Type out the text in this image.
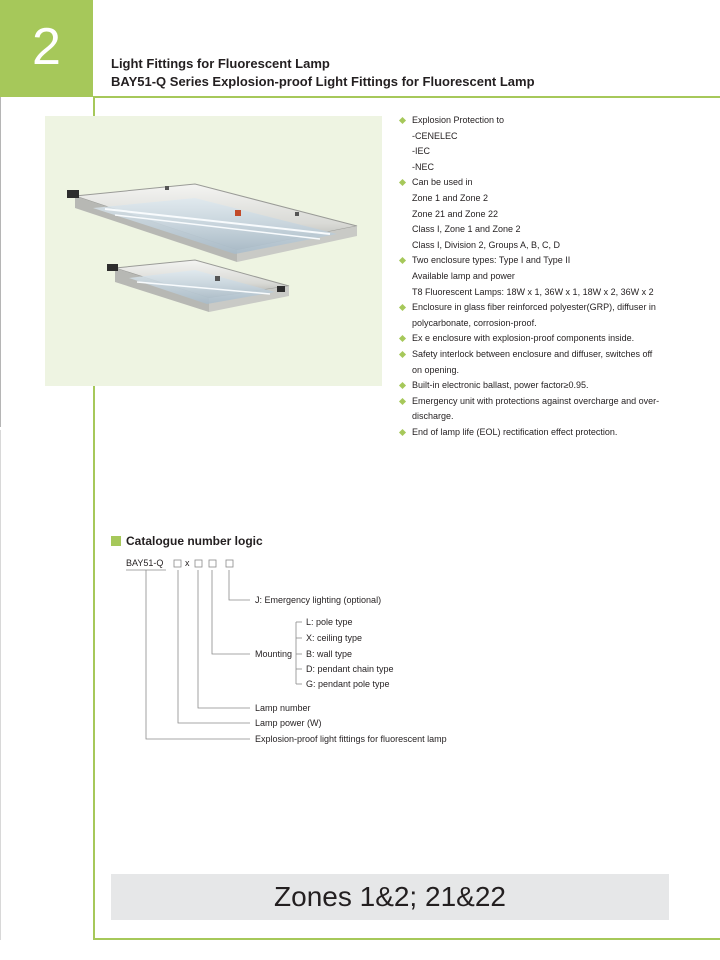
2	Light Fittings for Fluorescent Lamp
BAY51-Q Series Explosion-proof Light Fittings for Fluorescent Lamp
Explosion Protection to
-CENELEC
-IEC
-NEC
Can be used in
Zone 1 and Zone 2
Zone 21 and Zone 22
Class I, Zone 1 and Zone 2
Class I, Division 2, Groups A, B, C, D
Two enclosure types: Type I and Type II
Available lamp and power
T8 Fluorescent Lamps: 18W x 1, 36W x 1, 18W x 2, 36W x 2
Enclosure in glass fiber reinforced polyester(GRP), diffuser in
polycarbonate, corrosion-proof.
Ex e enclosure with explosion-proof components inside.
Safety interlock between enclosure and diffuser, switches off
on opening.
Built-in electronic ballast, power factor≥0.95.
Emergency unit with protections against overcharge and over-
discharge.
End of lamp life (EOL) rectification effect protection.
Catalogue number logic
BAY51-Q x
J: Emergency lighting (optional)
Mounting
L: pole type
X: ceiling type
B: wall type
D: pendant chain type
G: pendant pole type
Lamp number
Lamp power (W)
Explosion-proof light fittings for fluorescent lamp
Zones 1&2; 21&22
